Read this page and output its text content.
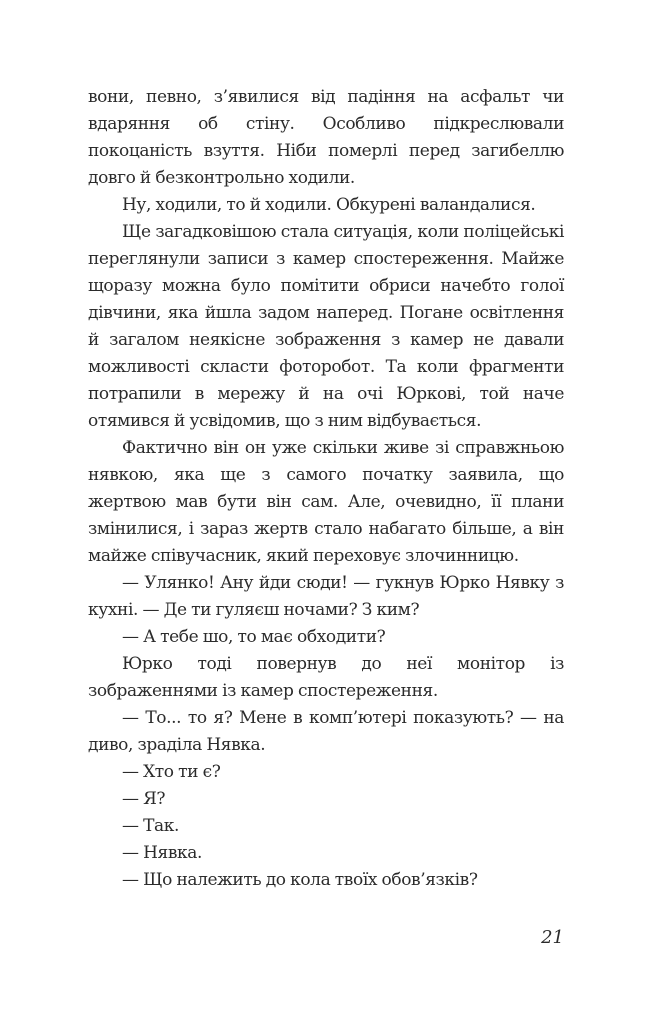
вони, певно, з’явилися від падіння на асфальт чи вдаряння об стіну. Особливо підкреслювали покоцаність взуття. Ніби померлі перед загибеллю довго й безконтрольно ходили.

Ну, ходили, то й ходили. Обкурені валандалися.

Ще загадковішою стала ситуація, коли поліцейські переглянули записи з камер спостереження. Майже щоразу можна було помітити обриси начебто голої дівчини, яка йшла задом наперед. Погане освітлення й загалом неякісне зображення з камер не давали можливості скласти фоторобот. Та коли фрагменти потрапили в мережу й на очі Юркові, той наче отямився й усвідомив, що з ним відбувається.

Фактично він он уже скільки живе зі справжньою нявкою, яка ще з самого початку заявила, що жертвою мав бути він сам. Але, очевидно, її плани змінилися, і зараз жертв стало набагато більше, а він майже співучасник, який переховує злочинницю.

— Улянко! Ану йди сюди! — гукнув Юрко Нявку з кухні. — Де ти гуляєш ночами? З ким?

— А тебе шо, то має обходити?

Юрко тоді повернув до неї монітор із зображеннями із камер спостереження.

— То... то я? Мене в комп’ютері показують? — на диво, зраділа Нявка.

— Хто ти є?

— Я?

— Так.

— Нявка.

— Що належить до кола твоїх обов’язків?

21
